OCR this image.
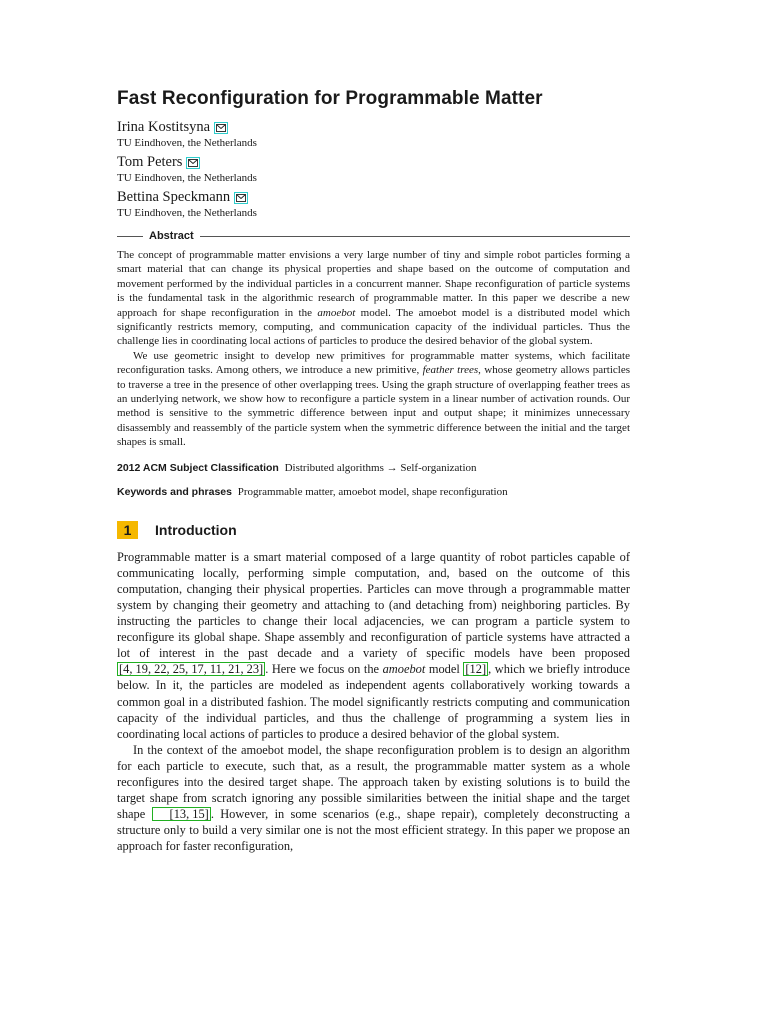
Fast Reconfiguration for Programmable Matter
Irina Kostitsyna
TU Eindhoven, the Netherlands
Tom Peters
TU Eindhoven, the Netherlands
Bettina Speckmann
TU Eindhoven, the Netherlands
Abstract

The concept of programmable matter envisions a very large number of tiny and simple robot particles forming a smart material that can change its physical properties and shape based on the outcome of computation and movement performed by the individual particles in a concurrent manner. Shape reconfiguration of particle systems is the fundamental task in the algorithmic research of programmable matter. In this paper we describe a new approach for shape reconfiguration in the amoebot model. The amoebot model is a distributed model which significantly restricts memory, computing, and communication capacity of the individual particles. Thus the challenge lies in coordinating local actions of particles to produce the desired behavior of the global system.

We use geometric insight to develop new primitives for programmable matter systems, which facilitate reconfiguration tasks. Among others, we introduce a new primitive, feather trees, whose geometry allows particles to traverse a tree in the presence of other overlapping trees. Using the graph structure of overlapping feather trees as an underlying network, we show how to reconfigure a particle system in a linear number of activation rounds. Our method is sensitive to the symmetric difference between input and output shape; it minimizes unnecessary disassembly and reassembly of the particle system when the symmetric difference between the initial and the target shapes is small.

2012 ACM Subject Classification Distributed algorithms → Self-organization
Keywords and phrases Programmable matter, amoebot model, shape reconfiguration
1	Introduction

Programmable matter is a smart material composed of a large quantity of robot particles capable of communicating locally, performing simple computation, and, based on the outcome of this computation, changing their physical properties. Particles can move through a programmable matter system by changing their geometry and attaching to (and detaching from) neighboring particles. By instructing the particles to change their local adjacencies, we can program a particle system to reconfigure its global shape. Shape assembly and reconfiguration of particle systems have attracted a lot of interest in the past decade and a variety of specific models have been proposed [4, 19, 22, 25, 17, 11, 21, 23] . Here we focus on the amoebot model [12] , which we briefly introduce below. In it, the particles are modeled as independent agents collaboratively working towards a common goal in a distributed fashion. The model significantly restricts computing and communication capacity of the individual particles, and thus the challenge of programming a system lies in coordinating local actions of particles to produce a desired behavior of the global system.

In the context of the amoebot model, the shape reconfiguration problem is to design an algorithm for each particle to execute, such that, as a result, the programmable matter system as a whole reconfigures into the desired target shape. The approach taken by existing solutions is to build the target shape from scratch ignoring any possible similarities between the initial shape and the target shape [13, 15] . However, in some scenarios (e.g., shape repair), completely deconstructing a structure only to build a very similar one is not the most efficient strategy. In this paper we propose an approach for faster reconfiguration,
